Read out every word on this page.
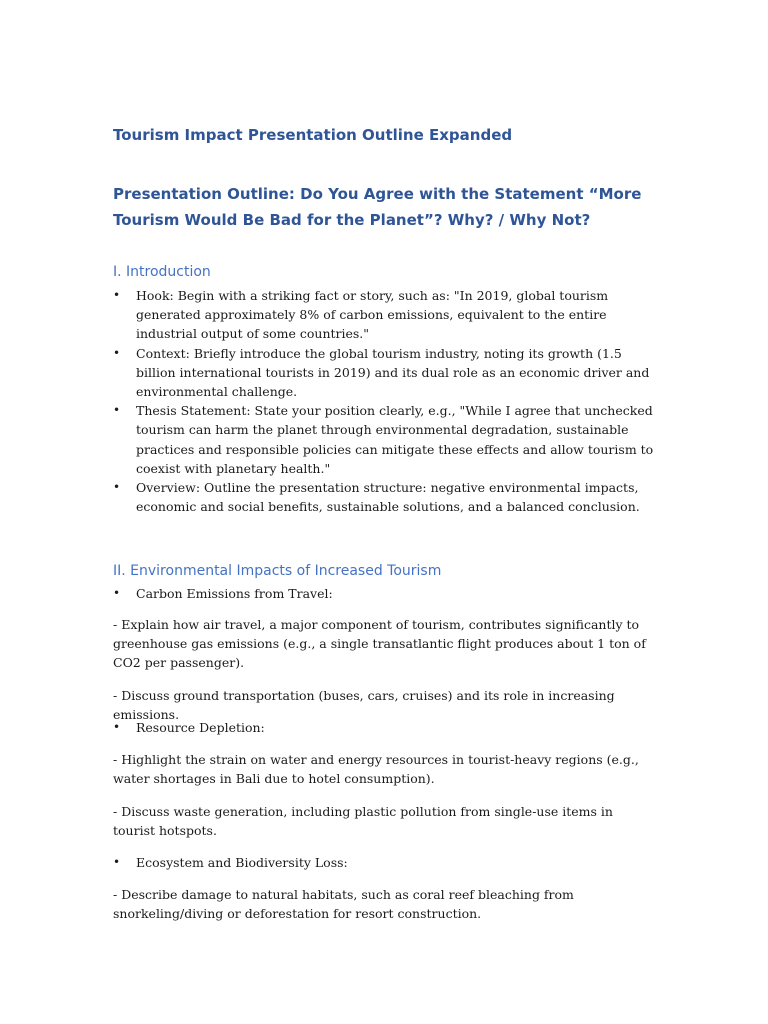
Tourism Impact Presentation Outline Expanded
Presentation Outline: Do You Agree with the Statement “More Tourism Would Be Bad for the Planet”? Why? / Why Not?
I. Introduction
• Hook: Begin with a striking fact or story, such as: "In 2019, global tourism generated approximately 8% of carbon emissions, equivalent to the entire industrial output of some countries."
• Context: Briefly introduce the global tourism industry, noting its growth (1.5 billion international tourists in 2019) and its dual role as an economic driver and environmental challenge.
• Thesis Statement: State your position clearly, e.g., "While I agree that unchecked tourism can harm the planet through environmental degradation, sustainable practices and responsible policies can mitigate these effects and allow tourism to coexist with planetary health."
• Overview: Outline the presentation structure: negative environmental impacts, economic and social benefits, sustainable solutions, and a balanced conclusion.
II. Environmental Impacts of Increased Tourism

• Carbon Emissions from Travel:

- Explain how air travel, a major component of tourism, contributes significantly to greenhouse gas emissions (e.g., a single transatlantic flight produces about 1 ton of CO2 per passenger).

- Discuss ground transportation (buses, cars, cruises) and its role in increasing emissions.

• Resource Depletion:

- Highlight the strain on water and energy resources in tourist-heavy regions (e.g., water shortages in Bali due to hotel consumption).

- Discuss waste generation, including plastic pollution from single-use items in tourist hotspots.

• Ecosystem and Biodiversity Loss:

- Describe damage to natural habitats, such as coral reef bleaching from snorkeling/diving or deforestation for resort construction.
